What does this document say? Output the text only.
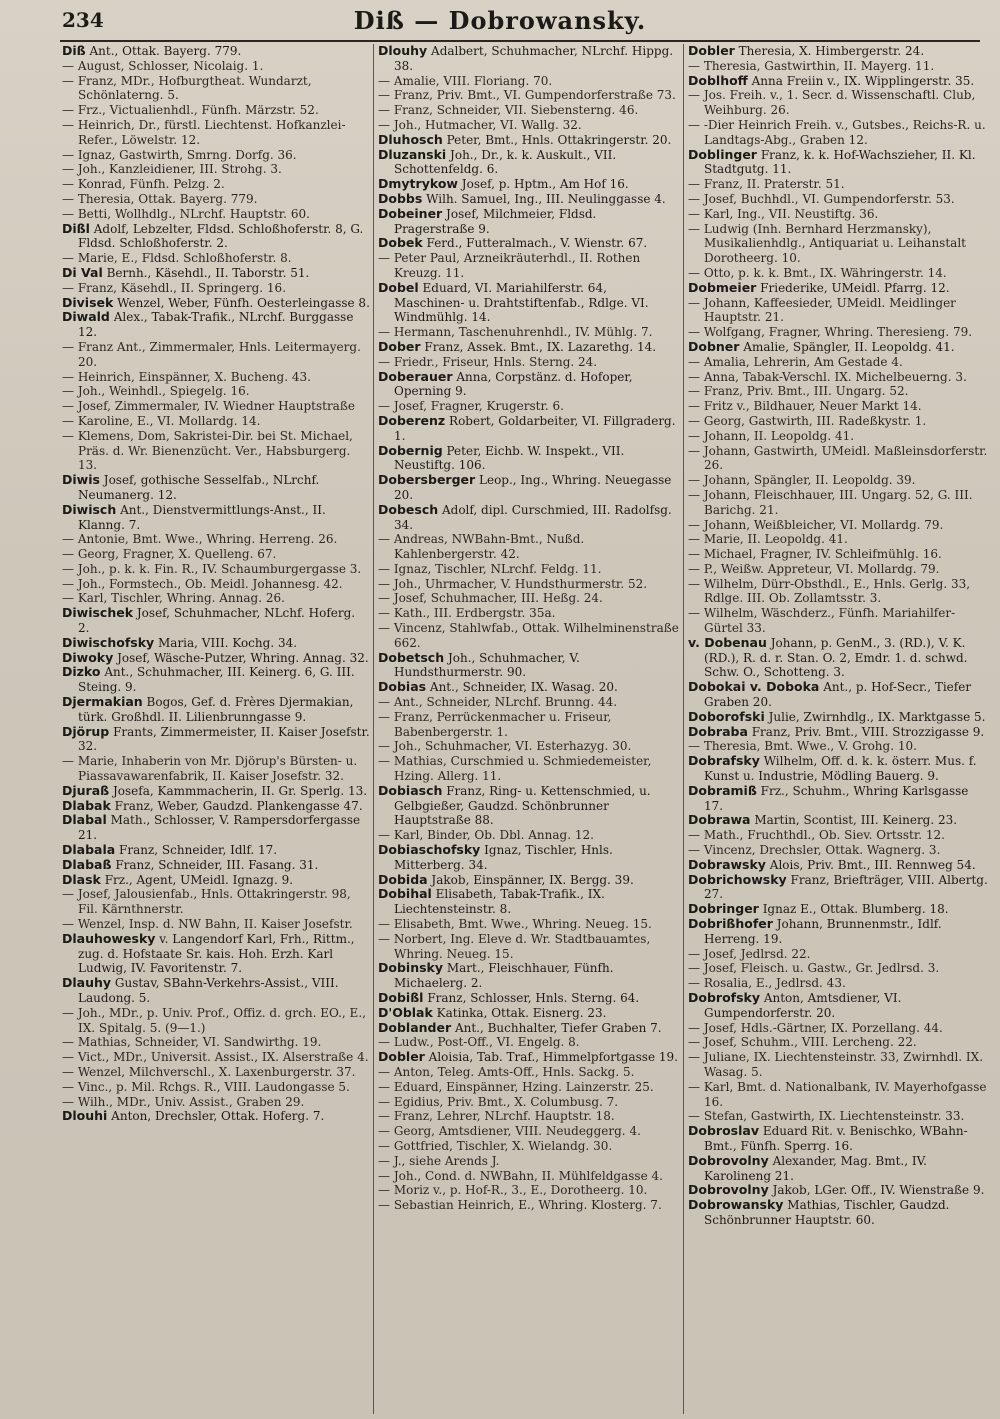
234	Diß — Dobrowansky.
Diß Ant., Ottak. Bayerg. 779.
— August, Schlosser, Nicolaig. 1.
— Franz, MDr., Hofburgtheat. Wundarzt, Schönlaterng. 5.
— Frz., Victualienhdl., Fünfh. Märzstr. 52.
— Heinrich, Dr., fürstl. Liechtenst. Hofkanzlei-Refer., Löwelstr. 12.
— Ignaz, Gastwirth, Smrng. Dorfg. 36.
— Joh., Kanzleidiener, III. Strohg. 3.
— Konrad, Fünfh. Pelzg. 2.
— Theresia, Ottak. Bayerg. 779.
— Betti, Wollhdlg., NLrchf. Hauptstr. 60.
Dißl Adolf, Lebzelter, Fldsd. Schloßhoferstr. 8, G. Fldsd. Schloßhoferstr. 2.
— Marie, E., Fldsd. Schloßhoferstr. 8.
Di Val Bernh., Käsehdl., II. Taborstr. 51.
— Franz, Käsehdl., II. Springerg. 16.
Divisek Wenzel, Weber, Fünfh. Oesterleingasse 8.
Diwald Alex., Tabak-Trafik., NLrchf. Burggasse 12.
— Franz Ant., Zimmermaler, Hnls. Leitermayerg. 20.
— Heinrich, Einspänner, X. Bucheng. 43.
— Joh., Weinhdl., Spiegelg. 16.
— Josef, Zimmermaler, IV. Wiedner Hauptstraße
— Karoline, E., VI. Mollardg. 14.
— Klemens, Dom, Sakristei-Dir. bei St. Michael, Präs. d. Wr. Bienenzücht. Ver., Habsburgerg. 13.
Diwis Josef, gothische Sesselfab., NLrchf. Neumanerg. 12.
Diwisch Ant., Dienstvermittlungs-Anst., II. Klanng. 7.
— Antonie, Bmt. Wwe., Whring. Herreng. 26.
— Georg, Fragner, X. Quelleng. 67.
— Joh., p. k. k. Fin. R., IV. Schaumburgergasse 3.
— Joh., Formstech., Ob. Meidl. Johannesg. 42.
— Karl, Tischler, Whring. Annag. 26.
Diwischek Josef, Schuhmacher, NLchf. Hoferg. 2.
Diwischofsky Maria, VIII. Kochg. 34.
Diwoky Josef, Wäsche-Putzer, Whring. Annag. 32.
Dizko Ant., Schuhmacher, III. Keinerg. 6, G. III. Steing. 9.
Djermakian Bogos, Gef. d. Frères Djermakian, türk. Großhdl. II. Lilienbrunngasse 9.
Djörup Frants, Zimmermeister, II. Kaiser Josefstr. 32.
— Marie, Inhaberin von Mr. Djörup's Bürsten- u. Piassavawarenfabrik, II. Kaiser Josefstr. 32.
Djuraß Josefa, Kammmacherin, II. Gr. Sperlg. 13.
Dlabak Franz, Weber, Gaudzd. Plankengasse 47.
Dlabal Math., Schlosser, V. Rampersdorfergasse 21.
Dlabala Franz, Schneider, Idlf. 17.
Dlabaß Franz, Schneider, III. Fasang. 31.
Dlask Frz., Agent, UMeidl. Ignazg. 9.
— Josef, Jalousienfab., Hnls. Ottakringerstr. 98, Fil. Kärnthnerstr.
— Wenzel, Insp. d. NW Bahn, II. Kaiser Josefstr.
Dlauhowesky v. Langendorf Karl, Frh., Rittm., zug. d. Hofstaate Sr. kais. Hoh. Erzh. Karl Ludwig, IV. Favoritenstr. 7.
Dlauhy Gustav, SBahn-Verkehrs-Assist., VIII. Laudong. 5.
— Joh., MDr., p. Univ. Prof., Offiz. d. grch. EO., E., IX. Spitalg. 5. (9—1.)
— Mathias, Schneider, VI. Sandwirthg. 19.
— Vict., MDr., Universit. Assist., IX. Alserstraße 4.
— Wenzel, Milchverschl., X. Laxenburgerstr. 37.
— Vinc., p. Mil. Rchgs. R., VIII. Laudongasse 5.
— Wilh., MDr., Univ. Assist., Graben 29.
Dlouhi Anton, Drechsler, Ottak. Hoferg. 7.
Dlouhy Adalbert, Schuhmacher, NLrchf. Hippg. 38.
— Amalie, VIII. Floriang. 70.
— Franz, Priv. Bmt., VI. Gumpendorferstraße 73.
— Franz, Schneider, VII. Siebensterng. 46.
— Joh., Hutmacher, VI. Wallg. 32.
Dluhosch Peter, Bmt., Hnls. Ottakringerstr. 20.
Dluzanski Joh., Dr., k. k. Auskult., VII. Schottenfeldg. 6.
Dmytrykow Josef, p. Hptm., Am Hof 16.
Dobbs Wilh. Samuel, Ing., III. Neulinggasse 4.
Dobeiner Josef, Milchmeier, Fldsd. Pragerstraße 9.
Dobek Ferd., Futteralmach., V. Wienstr. 67.
— Peter Paul, Arzneikräuterhdl., II. Rothen Kreuzg. 11.
Dobel Eduard, VI. Mariahilferstr. 64, Maschinen- u. Drahtstiftenfab., Rdlge. VI. Windmühlg. 14.
— Hermann, Taschenuhrenhdl., IV. Mühlg. 7.
Dober Franz, Assek. Bmt., IX. Lazarethg. 14.
— Friedr., Friseur, Hnls. Sterng. 24.
Doberauer Anna, Corpstänz. d. Hofoper, Operning 9.
— Josef, Fragner, Krugerstr. 6.
Doberenz Robert, Goldarbeiter, VI. Fillgraderg. 1.
Dobernig Peter, Eichb. W. Inspekt., VII. Neustiftg. 106.
Dobersberger Leop., Ing., Whring. Neuegasse 20.
Dobesch Adolf, dipl. Curschmied, III. Radolfsg. 34.
— Andreas, NWBahn-Bmt., Nußd. Kahlenbergerstr. 42.
— Ignaz, Tischler, NLrchf. Feldg. 11.
— Joh., Uhrmacher, V. Hundsthurmerstr. 52.
— Josef, Schuhmacher, III. Heßg. 24.
— Kath., III. Erdbergstr. 35a.
— Vincenz, Stahlwfab., Ottak. Wilhelminenstraße 662.
Dobetsch Joh., Schuhmacher, V. Hundsthurmerstr. 90.
Dobias Ant., Schneider, IX. Wasag. 20.
— Ant., Schneider, NLrchf. Brunng. 44.
— Franz, Perrückenmacher u. Friseur, Babenbergerstr. 1.
— Joh., Schuhmacher, VI. Esterhazyg. 30.
— Mathias, Curschmied u. Schmiedemeister, Hzing. Allerg. 11.
Dobiasch Franz, Ring- u. Kettenschmied, u. Gelbgießer, Gaudzd. Schönbrunner Hauptstraße 88.
— Karl, Binder, Ob. Dbl. Annag. 12.
Dobiaschofsky Ignaz, Tischler, Hnls. Mitterberg. 34.
Dobida Jakob, Einspänner, IX. Bergg. 39.
Dobihal Elisabeth, Tabak-Trafik., IX. Liechtensteinstr. 8.
— Elisabeth, Bmt. Wwe., Whring. Neueg. 15.
— Norbert, Ing. Eleve d. Wr. Stadtbauamtes, Whring. Neueg. 15.
Dobinsky Mart., Fleischhauer, Fünfh. Michaelerg. 2.
Dobißl Franz, Schlosser, Hnls. Sterng. 64.
D'Oblak Katinka, Ottak. Eisnerg. 23.
Doblander Ant., Buchhalter, Tiefer Graben 7.
— Ludw., Post-Off., VI. Engelg. 8.
Dobler Aloisia, Tab. Traf., Himmelpfortgasse 19.
— Anton, Teleg. Amts-Off., Hnls. Sackg. 5.
— Eduard, Einspänner, Hzing. Lainzerstr. 25.
— Egidius, Priv. Bmt., X. Columbusg. 7.
— Franz, Lehrer, NLrchf. Hauptstr. 18.
— Georg, Amtsdiener, VIII. Neudeggerg. 4.
— Gottfried, Tischler, X. Wielandg. 30.
— J., siehe Arends J.
— Joh., Cond. d. NWBahn, II. Mühlfeldgasse 4.
— Moriz v., p. Hof-R., 3., E., Dorotheerg. 10.
— Sebastian Heinrich, E., Whring. Klosterg. 7.
Dobler Theresia, X. Himbergerstr. 24.
— Theresia, Gastwirthin, II. Mayerg. 11.
Doblhoff Anna Freiin v., IX. Wipplingerstr. 35.
— Jos. Freih. v., 1. Secr. d. Wissenschaftl. Club, Weihburg. 26.
— -Dier Heinrich Freih. v., Gutsbes., Reichs-R. u. Landtags-Abg., Graben 12.
Doblinger Franz, k. k. Hof-Wachszieher, II. Kl. Stadtgutg. 11.
— Franz, II. Praterstr. 51.
— Josef, Buchhdl., VI. Gumpendorferstr. 53.
— Karl, Ing., VII. Neustiftg. 36.
— Ludwig (Inh. Bernhard Herzmansky), Musikalienhdlg., Antiquariat u. Leihanstalt Dorotheerg. 10.
— Otto, p. k. k. Bmt., IX. Währingerstr. 14.
Dobmeier Friederike, UMeidl. Pfarrg. 12.
— Johann, Kaffeesieder, UMeidl. Meidlinger Hauptstr. 21.
— Wolfgang, Fragner, Whring. Theresieng. 79.
Dobner Amalie, Spängler, II. Leopoldg. 41.
— Amalia, Lehrerin, Am Gestade 4.
— Anna, Tabak-Verschl. IX. Michelbeuerng. 3.
— Franz, Priv. Bmt., III. Ungarg. 52.
— Fritz v., Bildhauer, Neuer Markt 14.
— Georg, Gastwirth, III. Radeßkystr. 1.
— Johann, II. Leopoldg. 41.
— Johann, Gastwirth, UMeidl. Maßleinsdorferstr. 26.
— Johann, Spängler, II. Leopoldg. 39.
— Johann, Fleischhauer, III. Ungarg. 52, G. III. Barichg. 21.
— Johann, Weißbleicher, VI. Mollardg. 79.
— Marie, II. Leopoldg. 41.
— Michael, Fragner, IV. Schleifmühlg. 16.
— P., Weißw. Appreteur, VI. Mollardg. 79.
— Wilhelm, Dürr-Obsthdl., E., Hnls. Gerlg. 33, Rdlge. III. Ob. Zollamtsstr. 3.
— Wilhelm, Wäschderz., Fünfh. Mariahilfer-Gürtel 33.
v. Dobenau Johann, p. GenM., 3. (RD.), V. K. (RD.), R. d. r. Stan. O. 2, Emdr. 1. d. schwd. Schw. O., Schotteng. 3.
Dobokai v. Doboka Ant., p. Hof-Secr., Tiefer Graben 20.
Doborofski Julie, Zwirnhdlg., IX. Marktgasse 5.
Dobraba Franz, Priv. Bmt., VIII. Strozzigasse 9.
— Theresia, Bmt. Wwe., V. Grohg. 10.
Dobrafsky Wilhelm, Off. d. k. k. österr. Mus. f. Kunst u. Industrie, Mödling Bauerg. 9.
Dobramiß Frz., Schuhm., Whring Karlsgasse 17.
Dobrawa Martin, Scontist, III. Keinerg. 23.
— Math., Fruchthdl., Ob. Siev. Ortsstr. 12.
— Vincenz, Drechsler, Ottak. Wagnerg. 3.
Dobrawsky Alois, Priv. Bmt., III. Rennweg 54.
Dobrichowsky Franz, Briefträger, VIII. Albertg. 27.
Dobringer Ignaz E., Ottak. Blumberg. 18.
Dobrißhofer Johann, Brunnenmstr., Idlf. Herreng. 19.
— Josef, Jedlrsd. 22.
— Josef, Fleisch. u. Gastw., Gr. Jedlrsd. 3.
— Rosalia, E., Jedlrsd. 43.
Dobrofsky Anton, Amtsdiener, VI. Gumpendorferstr. 20.
— Josef, Hdls.-Gärtner, IX. Porzellang. 44.
— Josef, Schuhm., VIII. Lercheng. 22.
— Juliane, IX. Liechtensteinstr. 33, Zwirnhdl. IX. Wasag. 5.
— Karl, Bmt. d. Nationalbank, IV. Mayerhofgasse 16.
— Stefan, Gastwirth, IX. Liechtensteinstr. 33.
Dobroslav Eduard Rit. v. Benischko, WBahn-Bmt., Fünfh. Sperrg. 16.
Dobrovolny Alexander, Mag. Bmt., IV. Karolineng 21.
Dobrovolny Jakob, LGer. Off., IV. Wienstraße 9.
Dobrowansky Mathias, Tischler, Gaudzd. Schönbrunner Hauptstr. 60.
